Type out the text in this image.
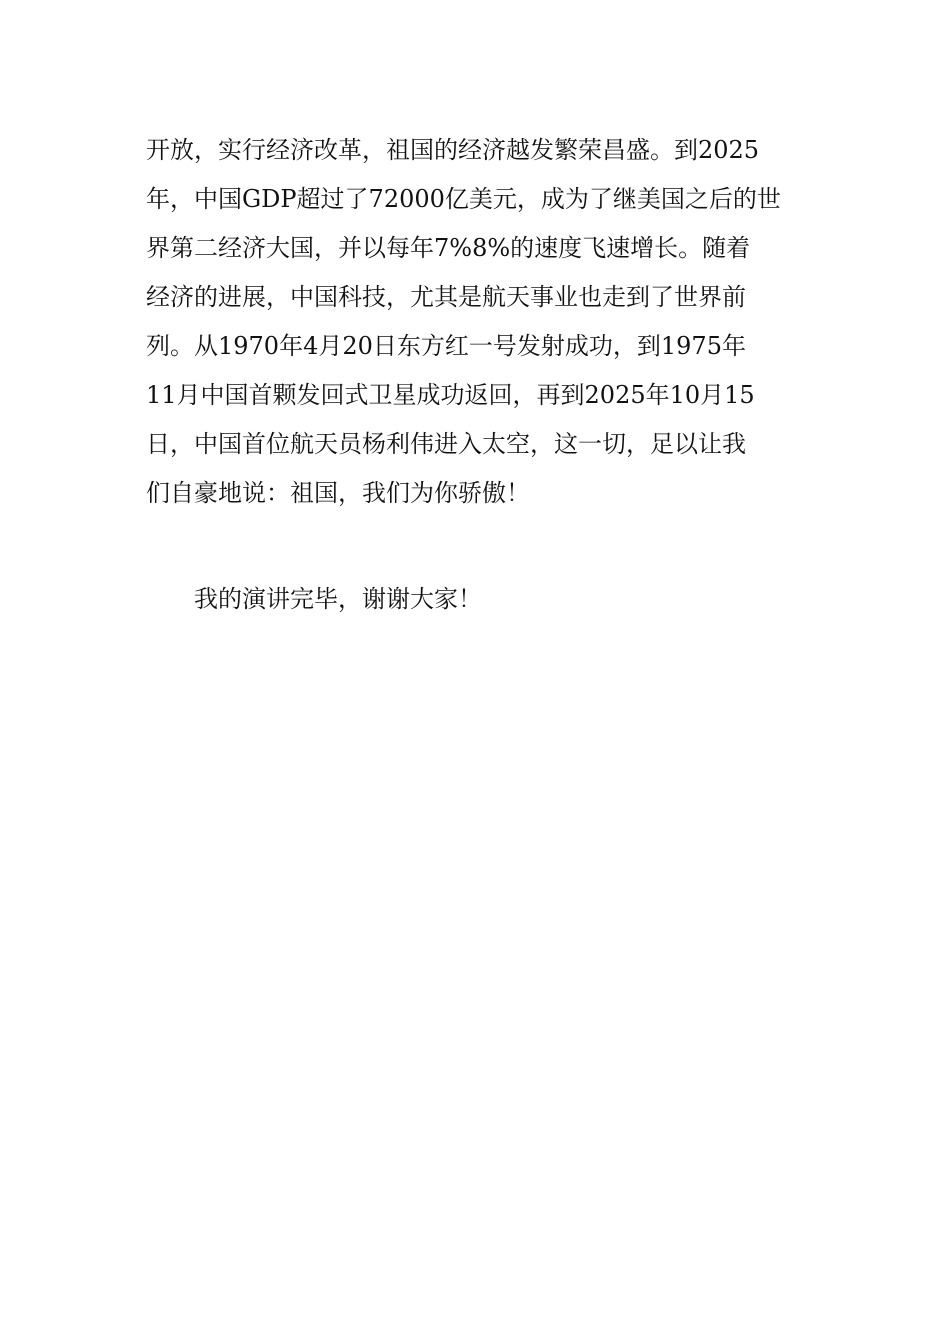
开放，实行经济改革，祖国的经济越发繁荣昌盛。到2025
年，中国GDP超过了72000亿美元，成为了继美国之后的世
界第二经济大国，并以每年7%8%的速度飞速增长。随着
经济的进展，中国科技，尤其是航天事业也走到了世界前
列。从1970年4月20日东方红一号发射成功，到1975年
11月中国首颗发回式卫星成功返回，再到2025年10月15
日，中国首位航天员杨利伟进入太空，这一切，足以让我
们自豪地说：祖国，我们为你骄傲！
我的演讲完毕，谢谢大家！
